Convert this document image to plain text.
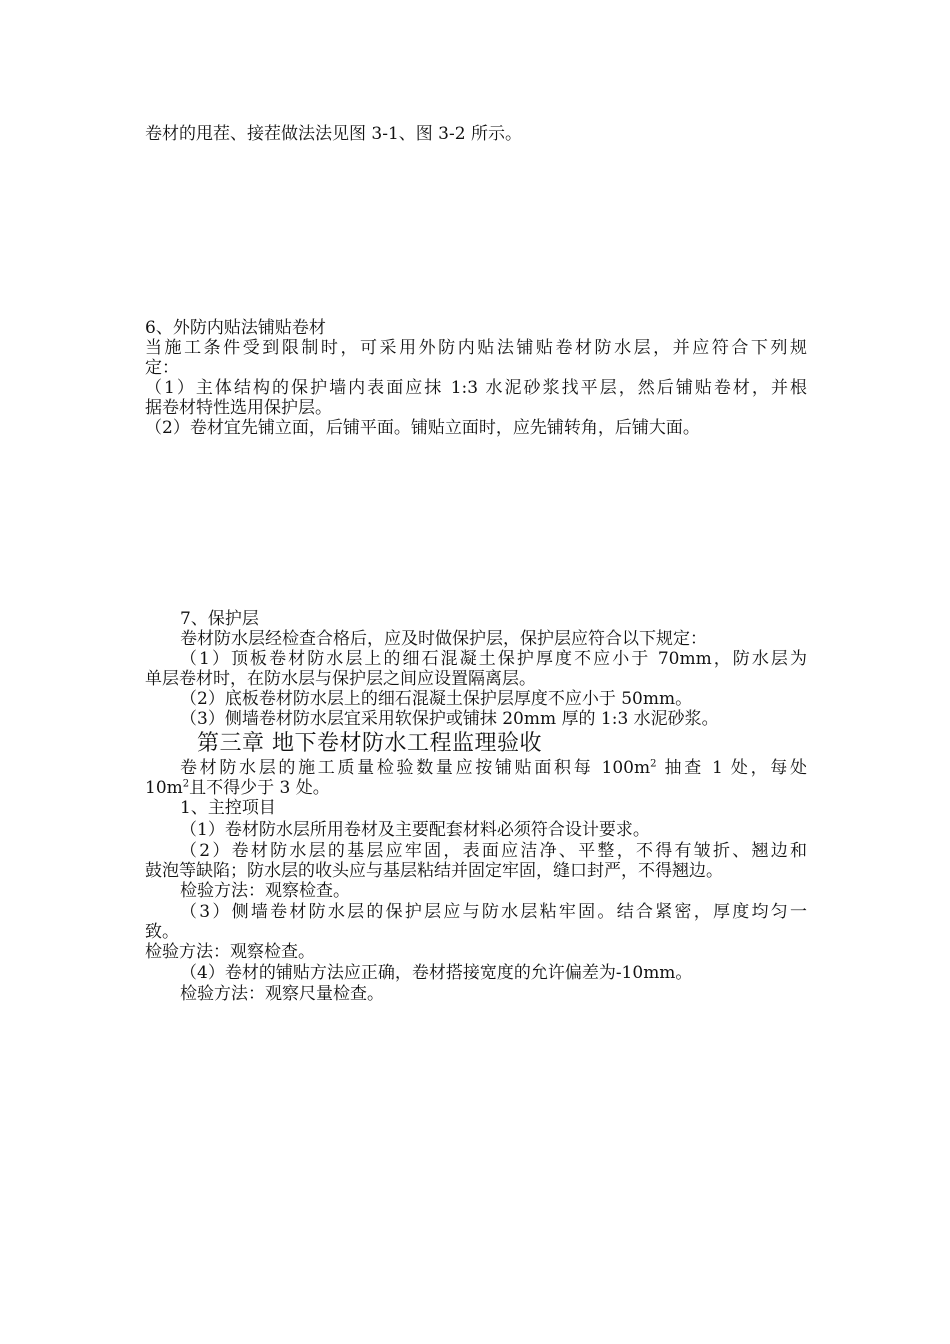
卷材的甩茬、接茬做法法见图 3-1、图 3-2 所示。
6、外防内贴法铺贴卷材
当施工条件受到限制时，可采用外防内贴法铺贴卷材防水层，并应符合下列规
定：
（1）主体结构的保护墙内表面应抹 1:3 水泥砂浆找平层，然后铺贴卷材，并根
据卷材特性选用保护层。
（2）卷材宜先铺立面，后铺平面。铺贴立面时，应先铺转角，后铺大面。
7、保护层
卷材防水层经检查合格后，应及时做保护层，保护层应符合以下规定：
（1）顶板卷材防水层上的细石混凝土保护厚度不应小于 70mm，防水层为
单层卷材时，在防水层与保护层之间应设置隔离层。
（2）底板卷材防水层上的细石混凝土保护层厚度不应小于 50mm。
（3）侧墙卷材防水层宜采用软保护或铺抹 20mm 厚的 1:3 水泥砂浆。
第三章 地下卷材防水工程监理验收
卷材防水层的施工质量检验数量应按铺贴面积每 $100m^2$ 抽查 1 处，每处
$10m^2$且不得少于 3 处。
1、主控项目
（1）卷材防水层所用卷材及主要配套材料必须符合设计要求。
（2）卷材防水层的基层应牢固，表面应洁净、平整，不得有皱折、翘边和
鼓泡等缺陷；防水层的收头应与基层粘结并固定牢固，缝口封严，不得翘边。
检验方法：观察检查。
（3）侧墙卷材防水层的保护层应与防水层粘牢固。结合紧密，厚度均匀一
致。
检验方法：观察检查。
（4）卷材的铺贴方法应正确，卷材搭接宽度的允许偏差为-10mm。
检验方法：观察尺量检查。
